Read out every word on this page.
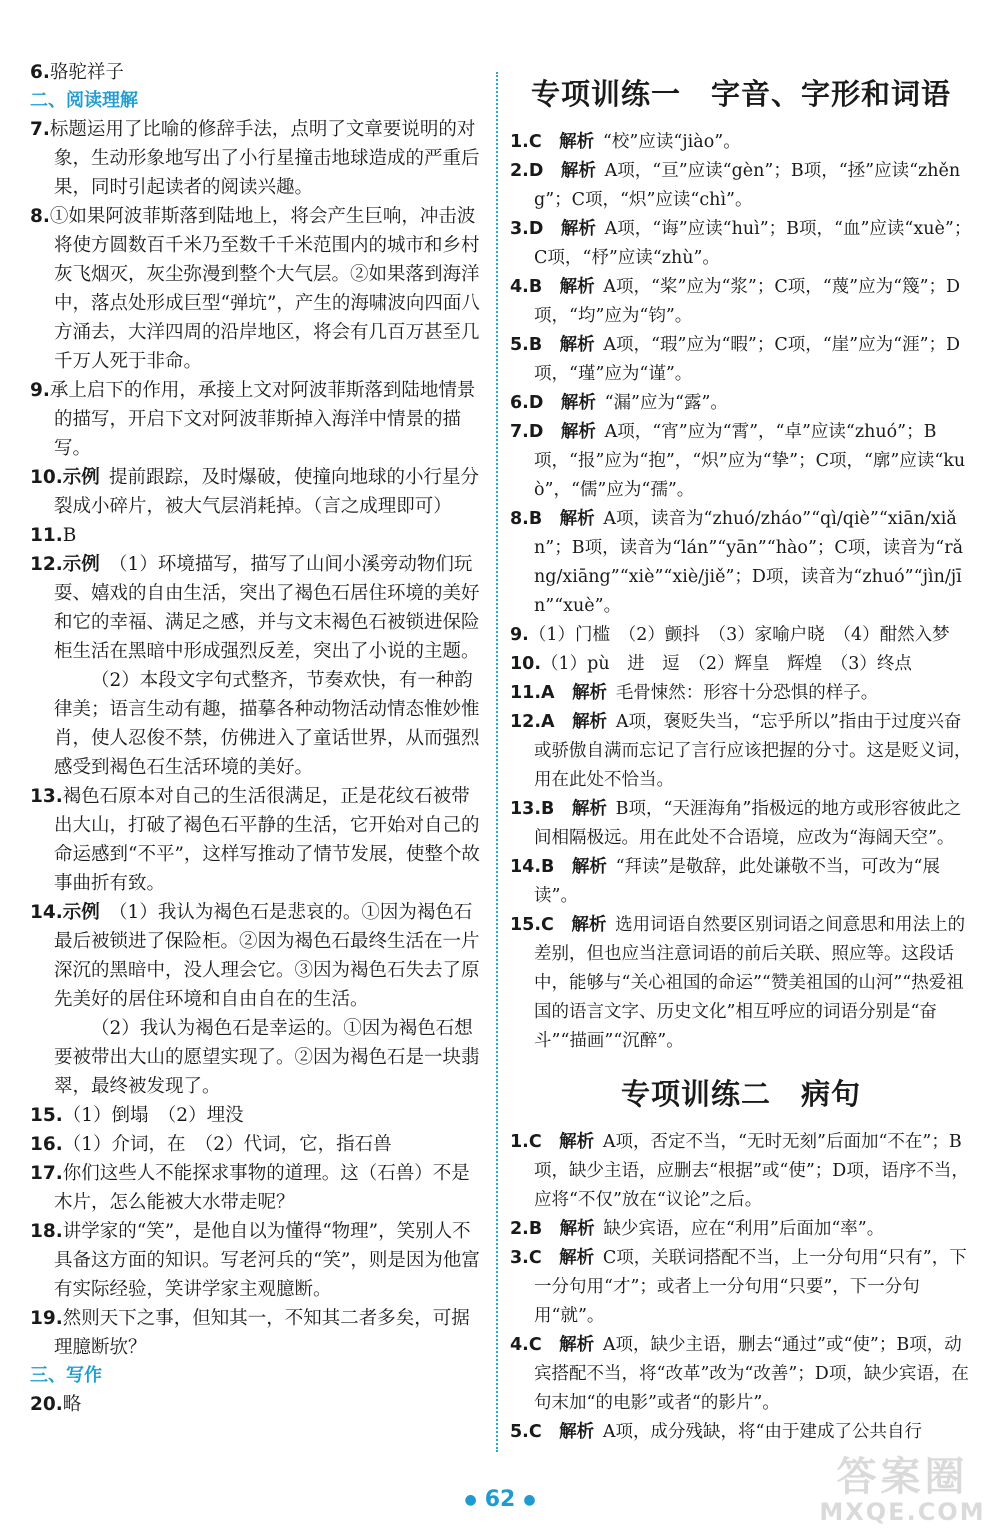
6.骆驼祥子

二、阅读理解

7.标题运用了比喻的修辞手法，点明了文章要说明的对象，生动形象地写出了小行星撞击地球造成的严重后果，同时引起读者的阅读兴趣。

8.①如果阿波菲斯落到陆地上，将会产生巨响，冲击波将使方圆数百千米乃至数千千米范围内的城市和乡村灰飞烟灭，灰尘弥漫到整个大气层。②如果落到海洋中，落点处形成巨型“弹坑”，产生的海啸波向四面八方涌去，大洋四周的沿岸地区，将会有几百万甚至几千万人死于非命。

9.承上启下的作用，承接上文对阿波菲斯落到陆地情景的描写，开启下文对阿波菲斯掉入海洋中情景的描写。

10.示例  提前跟踪，及时爆破，使撞向地球的小行星分裂成小碎片，被大气层消耗掉。（言之成理即可）

11.B

12.示例  （1）环境描写，描写了山间小溪旁动物们玩耍、嬉戏的自由生活，突出了褐色石居住环境的美好和它的幸福、满足之感，并与文末褐色石被锁进保险柜生活在黑暗中形成强烈反差，突出了小说的主题。

（2）本段文字句式整齐，节奏欢快，有一种韵律美；语言生动有趣，描摹各种动物活动情态惟妙惟肖，使人忍俊不禁，仿佛进入了童话世界，从而强烈感受到褐色石生活环境的美好。

13.褐色石原本对自己的生活很满足，正是花纹石被带出大山，打破了褐色石平静的生活，它开始对自己的命运感到“不平”，这样写推动了情节发展，使整个故事曲折有致。

14.示例  （1）我认为褐色石是悲哀的。①因为褐色石最后被锁进了保险柜。②因为褐色石最终生活在一片深沉的黑暗中，没人理会它。③因为褐色石失去了原先美好的居住环境和自由自在的生活。

（2）我认为褐色石是幸运的。①因为褐色石想要被带出大山的愿望实现了。②因为褐色石是一块翡翠，最终被发现了。

15.（1）倒塌　（2）埋没

16.（1）介词，在　（2）代词，它，指石兽

17.你们这些人不能探求事物的道理。这（石兽）不是木片，怎么能被大水带走呢？

18.讲学家的“笑”，是他自以为懂得“物理”，笑别人不具备这方面的知识。写老河兵的“笑”，则是因为他富有实际经验，笑讲学家主观臆断。

19.然则天下之事，但知其一，不知其二者多矣，可据理臆断欤？

三、写作

20.略

专项训练一　字音、字形和词语

1.C　 解析  “校”应读“jiào”。

2.D　 解析  A项，“亘”应读“gèn”；B项，“拯”应读“zhěng”；C项，“炽”应读“chì”。

3.D　 解析  A项，“诲”应读“huì”；B项，“血”应读“xuè”；C项，“杼”应读“zhù”。

4.B　 解析  A项，“桨”应为“浆”；C项，“蔑”应为“篾”；D项，“均”应为“钧”。

5.B　 解析  A项，“瑕”应为“暇”；C项，“崖”应为“涯”；D项，“瑾”应为“谨”。

6.D　 解析  “漏”应为“露”。

7.D　 解析  A项，“宵”应为“霄”，“卓”应读“zhuó”；B项，“报”应为“抱”，“炽”应为“挚”；C项，“廓”应读“kuò”，“儒”应为“孺”。

8.B　 解析  A项，读音为“zhuó/zháo”“qì/qiè”“xiān/xiǎn”；B项，读音为“lán”“yān”“hào”；C项，读音为“rǎng/xiāng”“xiè”“xiè/jiě”；D项，读音为“zhuó”“jìn/jīn”“xuè”。

9.（1）门槛　（2）颤抖　（3）家喻户晓　（4）酣然入梦

10.（1）pù　进　逗　（2）辉皇　辉煌　（3）终点

11.A　 解析  毛骨悚然：形容十分恐惧的样子。

12.A　 解析  A项，褒贬失当，“忘乎所以”指由于过度兴奋或骄傲自满而忘记了言行应该把握的分寸。这是贬义词，用在此处不恰当。

13.B　 解析  B项，“天涯海角”指极远的地方或形容彼此之间相隔极远。用在此处不合语境，应改为“海阔天空”。

14.B　 解析  “拜读”是敬辞，此处谦敬不当，可改为“展读”。

15.C　 解析  选用词语自然要区别词语之间意思和用法上的差别，但也应当注意词语的前后关联、照应等。这段话中，能够与“关心祖国的命运”“赞美祖国的山河”“热爱祖国的语言文字、历史文化”相互呼应的词语分别是“奋斗”“描画”“沉醉”。

专项训练二　病句

1.C　 解析  A项，否定不当，“无时无刻”后面加“不在”；B项，缺少主语，应删去“根据”或“使”；D项，语序不当，应将“不仅”放在“议论”之后。

2.B　 解析  缺少宾语，应在“利用”后面加“率”。

3.C　 解析  C项，关联词搭配不当，上一分句用“只有”，下一分句用“才”；或者上一分句用“只要”，下一分句用“就”。

4.C　 解析  A项，缺少主语，删去“通过”或“使”；B项，动宾搭配不当，将“改革”改为“改善”；D项，缺少宾语，在句末加“的电影”或者“的影片”。

5.C　 解析  A项，成分残缺，将“由于建成了公共自行

● 62 ●	答案圈
MXQE.COM
